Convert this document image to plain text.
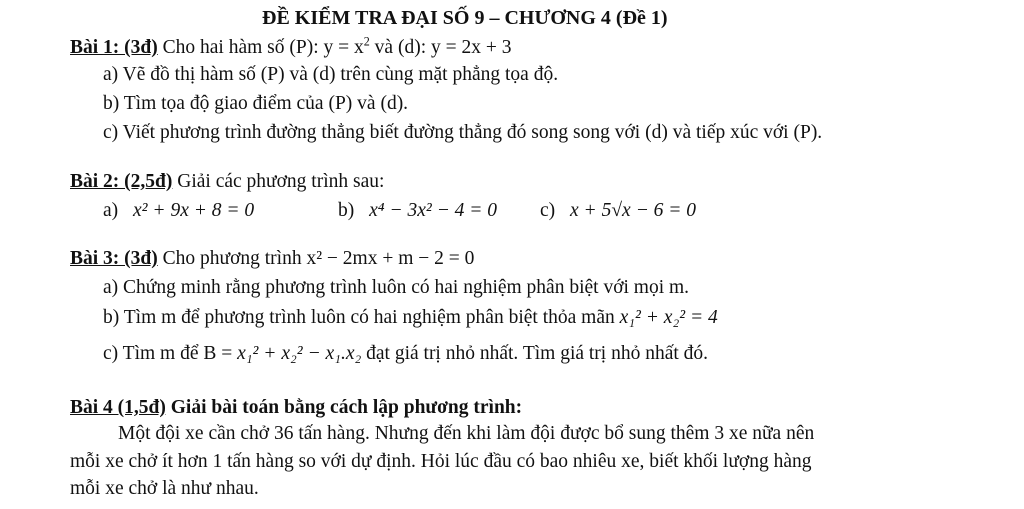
ĐỀ KIỂM TRA ĐẠI SỐ 9 – CHƯƠNG 4 (Đề 1)
Bài 1: (3đ) Cho hai hàm số (P): $y = x^2$ và (d): y = 2x + 3
a) Vẽ đồ thị hàm số (P) và (d) trên cùng mặt phẳng tọa độ.
b) Tìm tọa độ giao điểm của (P) và (d).
c) Viết phương trình đường thẳng biết đường thẳng đó song song với (d) và tiếp xúc với (P).
Bài 2: (2,5đ) Giải các phương trình sau:
a) x² + 9x + 8 = 0	b) x⁴ − 3x² − 4 = 0 c) x + 5√x − 6 = 0
Bài 3: (3đ) Cho phương trình x² − 2mx + m − 2 = 0
a) Chứng minh rằng phương trình luôn có hai nghiệm phân biệt với mọi m.
b) Tìm m để phương trình luôn có hai nghiệm phân biệt thỏa mãn x₁² + x₂² = 4
c) Tìm m để B = x₁² + x₂² − x₁.x₂ đạt giá trị nhỏ nhất. Tìm giá trị nhỏ nhất đó.
Bài 4 (1,5đ) Giải bài toán bằng cách lập phương trình:
Một đội xe cần chở 36 tấn hàng. Nhưng đến khi làm đội được bổ sung thêm 3 xe nữa nên
mỗi xe chở ít hơn 1 tấn hàng so với dự định. Hỏi lúc đầu có bao nhiêu xe, biết khối lượng hàng
mỗi xe chở là như nhau.
